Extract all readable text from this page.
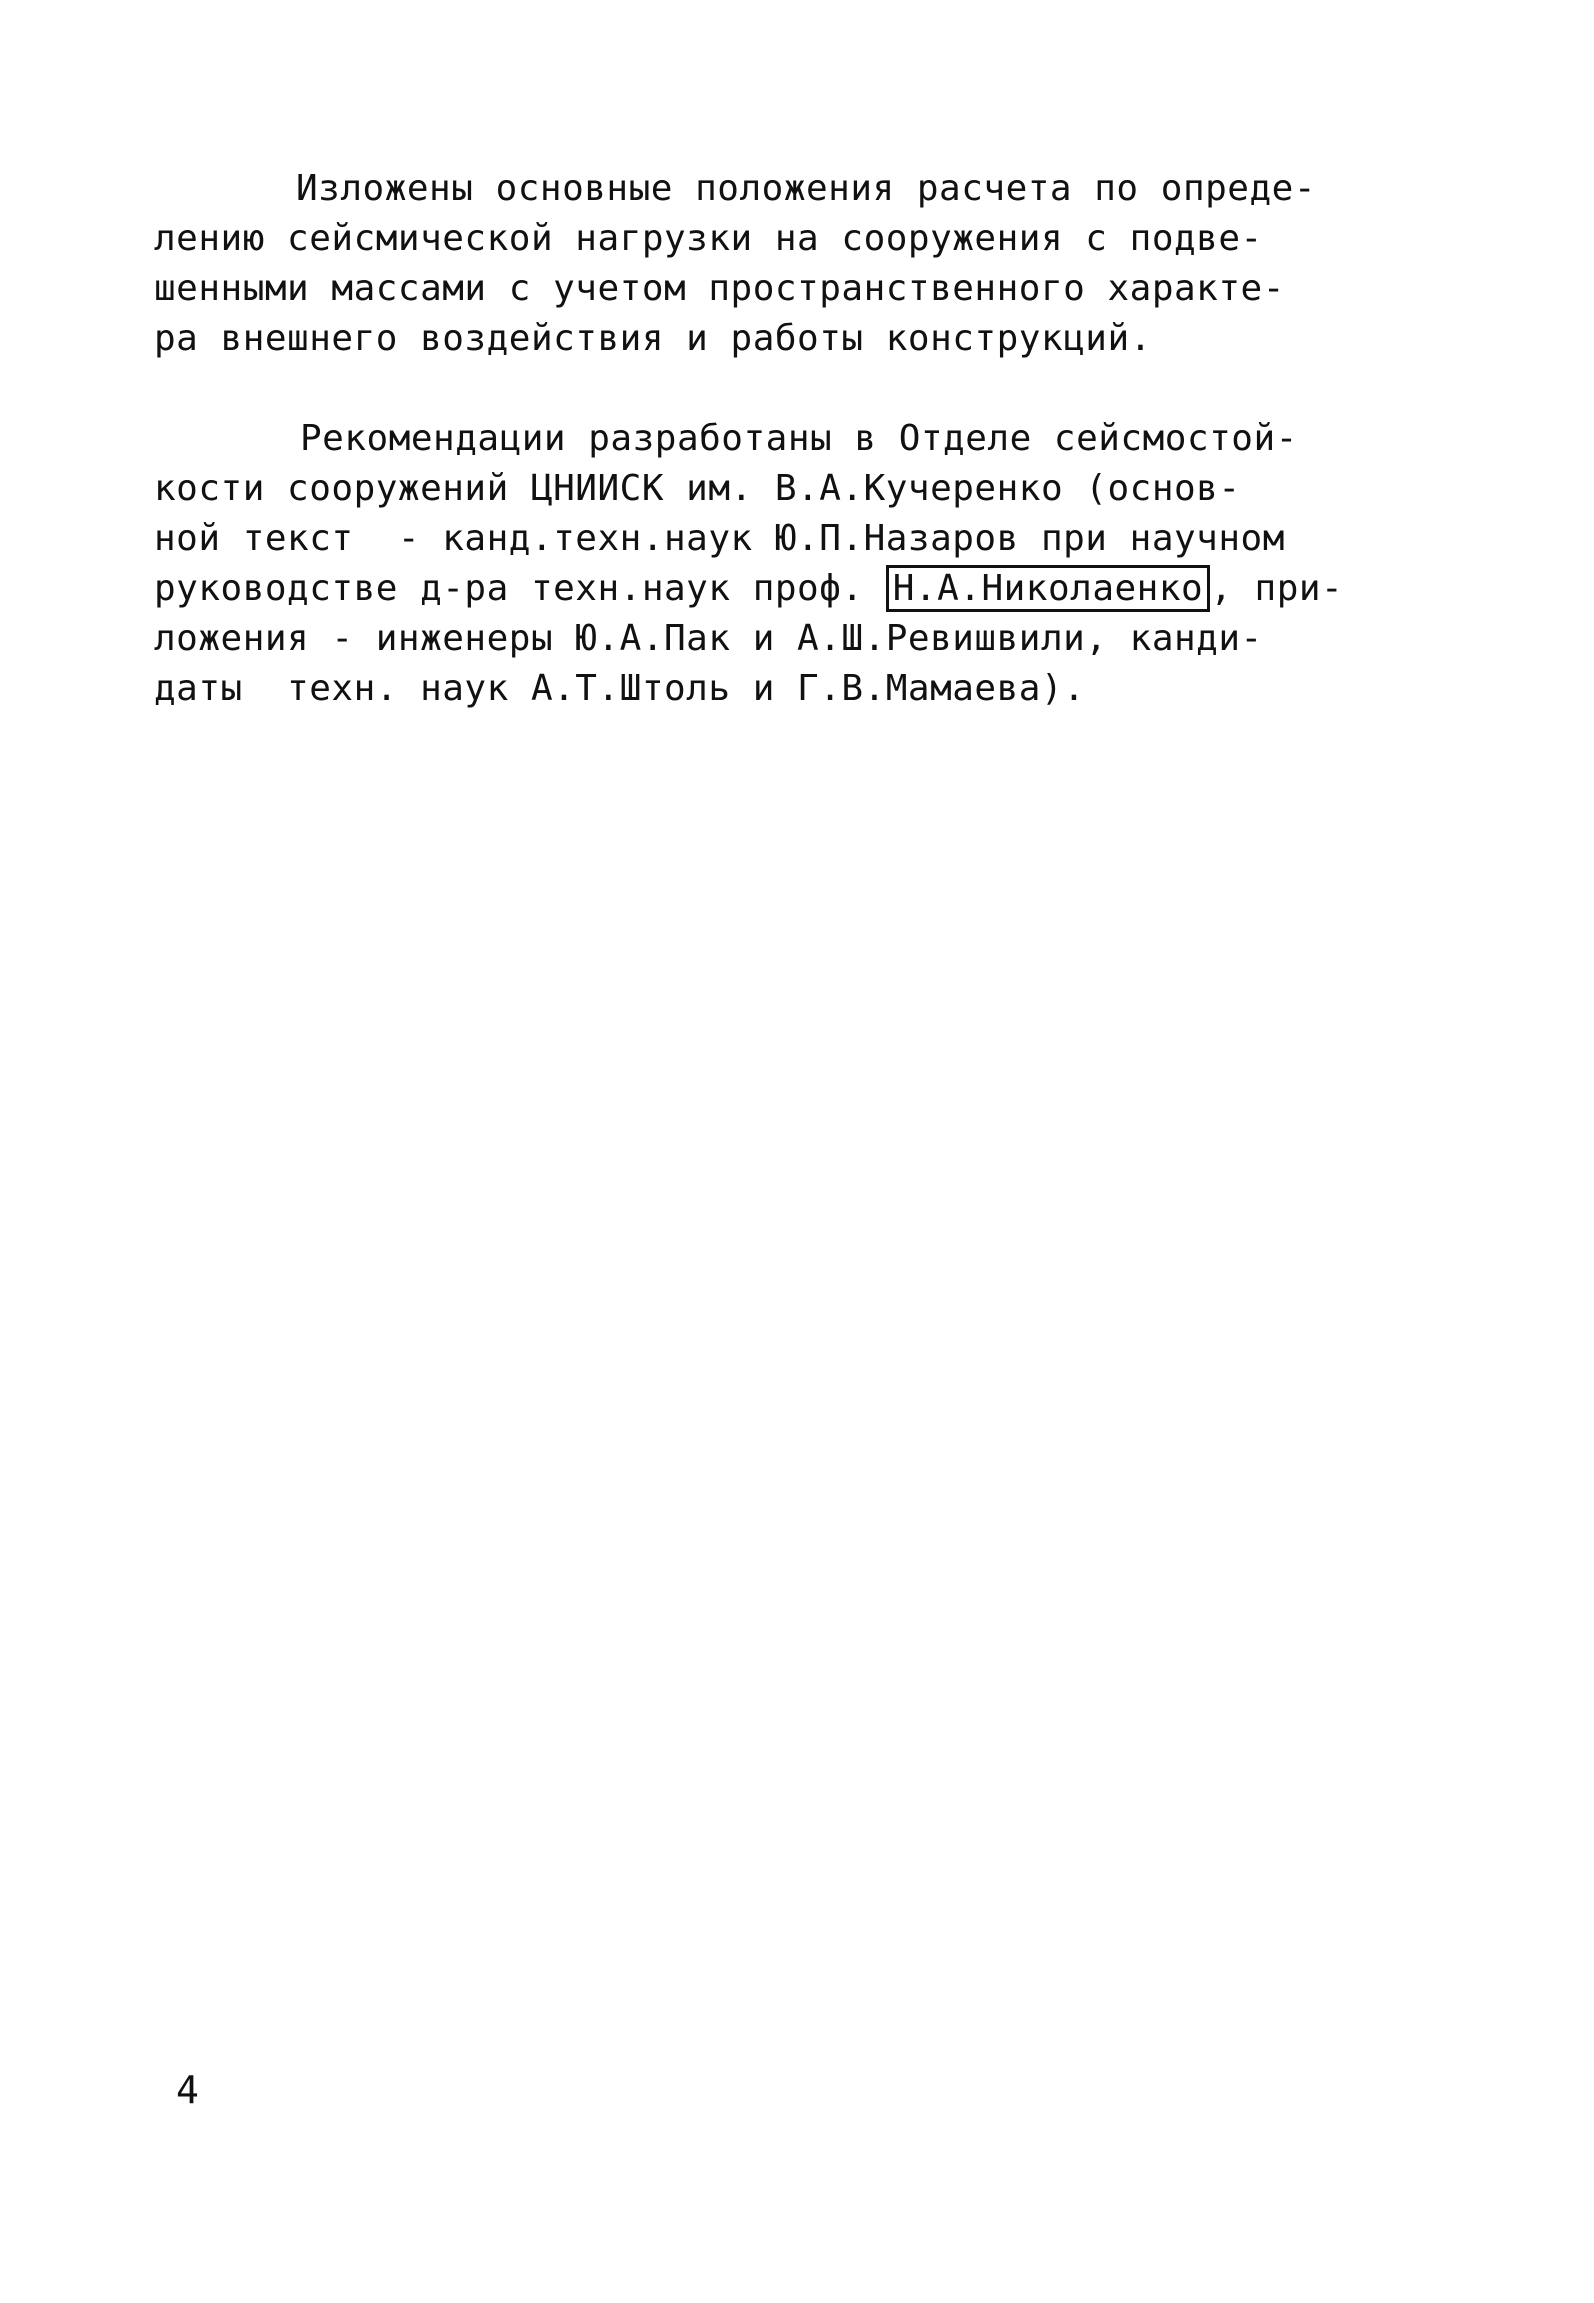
Изложены основные положения расчета по опреде-
лению сейсмической нагрузки на сооружения с подве-
шенными массами с учетом пространственного характе-
ра внешнего воздействия и работы конструкций.
Рекомендации разработаны в Отделе сейсмостой-
кости сооружений ЦНИИСК им. В.А.Кучеренко (основ-
ной текст  - канд.техн.наук Ю.П.Назаров при научном
руководстве д-ра техн.наук проф. Н.А.Николаенко , при-
ложения - инженеры Ю.А.Пак и А.Ш.Ревишвили, канди-
даты  техн. наук А.Т.Штоль и Г.В.Мамаева).
4
